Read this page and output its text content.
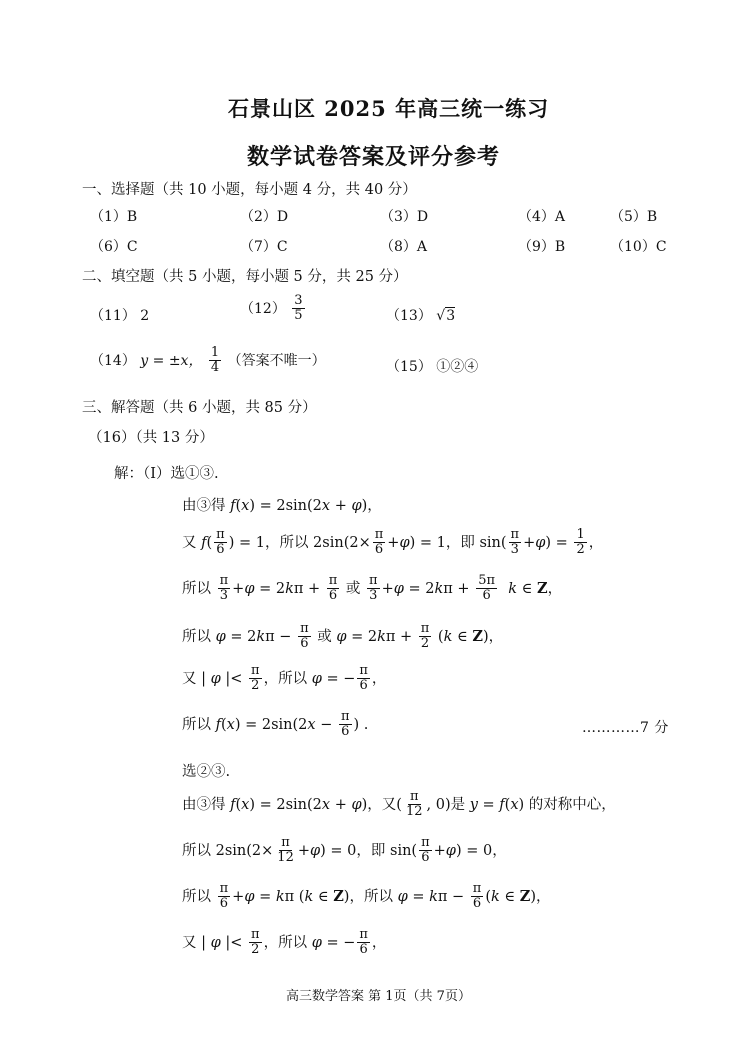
石景山区 2025 年高三统一练习
数学试卷答案及评分参考
一、选择题（共 10 小题，每小题 4 分，共 40 分）
（1）B	（2）D	（3）D	（4）A	（5）B
（6）C	（7）C	（8）A	（9）B	（10）C
二、填空题（共 5 小题，每小题 5 分，共 25 分）
（11） 2	$(12) \frac{3}{5}$	（13） √3
（14） y = ±x， $\frac{1}{4}$ （答案不唯一）	（15） ①②④
三、解答题（共 6 小题，共 85 分）
（16）（共 13 分）
解：（Ⅰ）选①③.
由③得 f(x) = 2sin(2x + φ)，
又 $f( \frac{\pi}{6}$ ) = 1，所以 $2\sin(2\times \frac{\pi}{6} +\varphi) = 1$，即 $\sin( \frac{\pi}{3} +\varphi) = \frac{1}{2}$ ，
所以 $\frac{\pi}{3} +\varphi = 2k\pi + \frac{\pi}{6}$ 或 $\frac{\pi}{3} +\varphi = 2k\pi + \frac{5\pi}{6}$ k ∈ Z，
所以 $\varphi = 2k\pi - \frac{\pi}{6}$ 或 $\varphi = 2k\pi + \frac{\pi}{2} (k$ ∈ Z)，
又 | φ |< $\frac{\pi}{2}$ ，所以 φ = − $\frac{\pi}{6}$ ，
所以 $f(x) = 2\sin(2x - \frac{\pi}{6}$ ) .	…………7 分
选②③.
由③得 f(x) = 2sin(2x + φ)，又( $\frac{\pi}{12}$ , 0)是 y = f(x) 的对称中心，
所以 $2\sin(2\times \frac{\pi}{12} +\varphi) = 0$，即 $\sin( \frac{\pi}{6} +\varphi) = 0$，
所以 $\frac{\pi}{6} +\varphi = k\pi$ (k ∈ Z)，所以 $\varphi = k\pi - \frac{\pi}{6} (k$ ∈ Z)，
又 | φ |< $\frac{\pi}{2}$ ，所以 φ = − $\frac{\pi}{6}$ ，
高三数学答案 第 1页（共 7页）
